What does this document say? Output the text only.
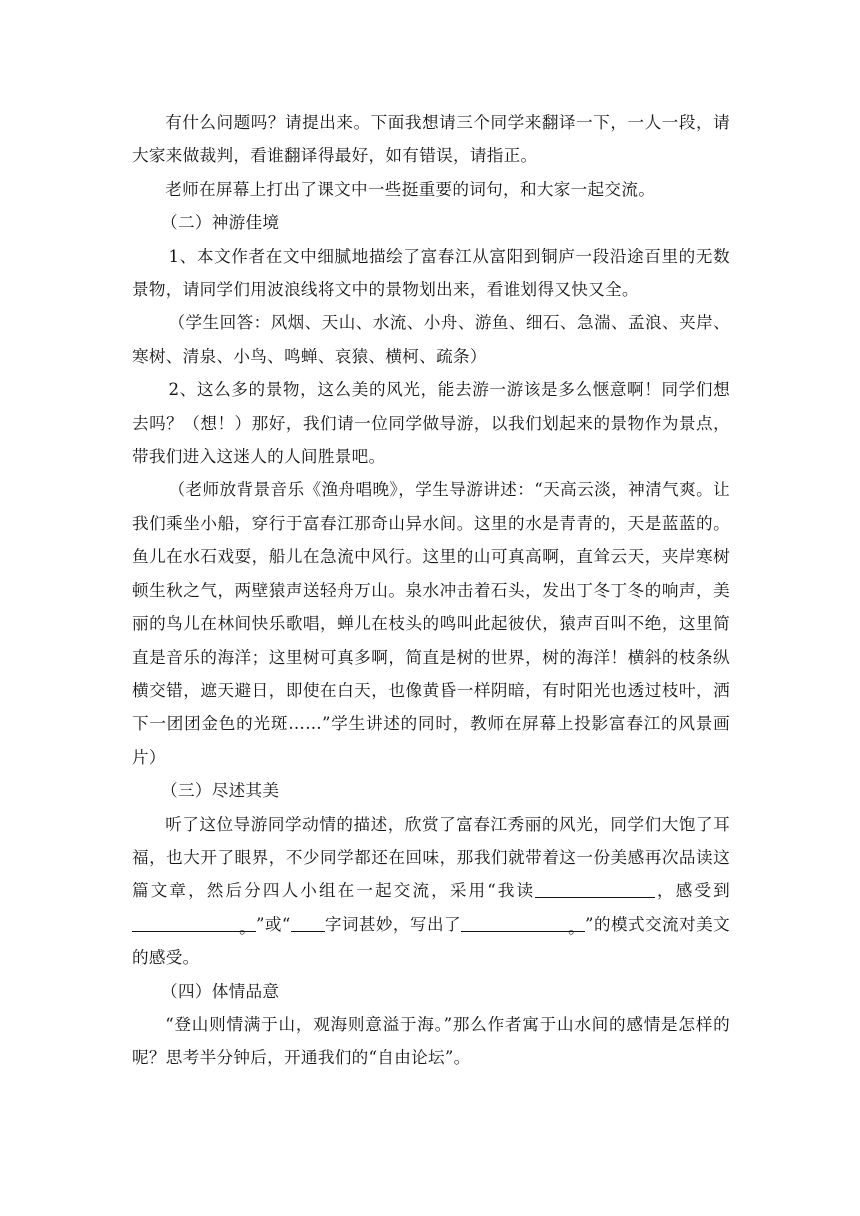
有什么问题吗？请提出来。下面我想请三个同学来翻译一下，一人一段，请大家来做裁判，看谁翻译得最好，如有错误，请指正。

老师在屏幕上打出了课文中一些挺重要的词句，和大家一起交流。

（二）神游佳境

1、本文作者在文中细腻地描绘了富春江从富阳到铜庐一段沿途百里的无数景物，请同学们用波浪线将文中的景物划出来，看谁划得又快又全。

（学生回答：风烟、天山、水流、小舟、游鱼、细石、急湍、孟浪、夹岸、寒树、清泉、小鸟、鸣蝉、哀猿、横柯、疏条）

2、这么多的景物，这么美的风光，能去游一游该是多么惬意啊！同学们想去吗？（想！）那好，我们请一位同学做导游，以我们划起来的景物作为景点，带我们进入这迷人的人间胜景吧。

（老师放背景音乐《渔舟唱晚》，学生导游讲述：“天高云淡，神清气爽。让我们乘坐小船，穿行于富春江那奇山异水间。这里的水是青青的，天是蓝蓝的。鱼儿在水石戏耍，船儿在急流中风行。这里的山可真高啊，直耸云天，夹岸寒树顿生秋之气，两壁猿声送轻舟万山。泉水冲击着石头，发出丁冬丁冬的响声，美丽的鸟儿在林间快乐歌唱，蝉儿在枝头的鸣叫此起彼伏，猿声百叫不绝，这里简直是音乐的海洋；这里树可真多啊，简直是树的世界，树的海洋！横斜的枝条纵横交错，遮天避日，即使在白天，也像黄昏一样阴暗，有时阳光也透过枝叶，洒下一团团金色的光斑……”学生讲述的同时，教师在屏幕上投影富春江的风景画片）

（三）尽述其美

听了这位导游同学动情的描述，欣赏了富春江秀丽的风光，同学们大饱了耳福，也大开了眼界，不少同学都还在回味，那我们就带着这一份美感再次品读这篇文章，然后分四人小组在一起交流，采用“我读	，感受到
。 ”或“ 字词甚妙，写出了	。 ”的模式交流对美文的感受。

（四）体情品意

“登山则情满于山，观海则意溢于海。”那么作者寓于山水间的感情是怎样的呢？思考半分钟后，开通我们的“自由论坛”。
